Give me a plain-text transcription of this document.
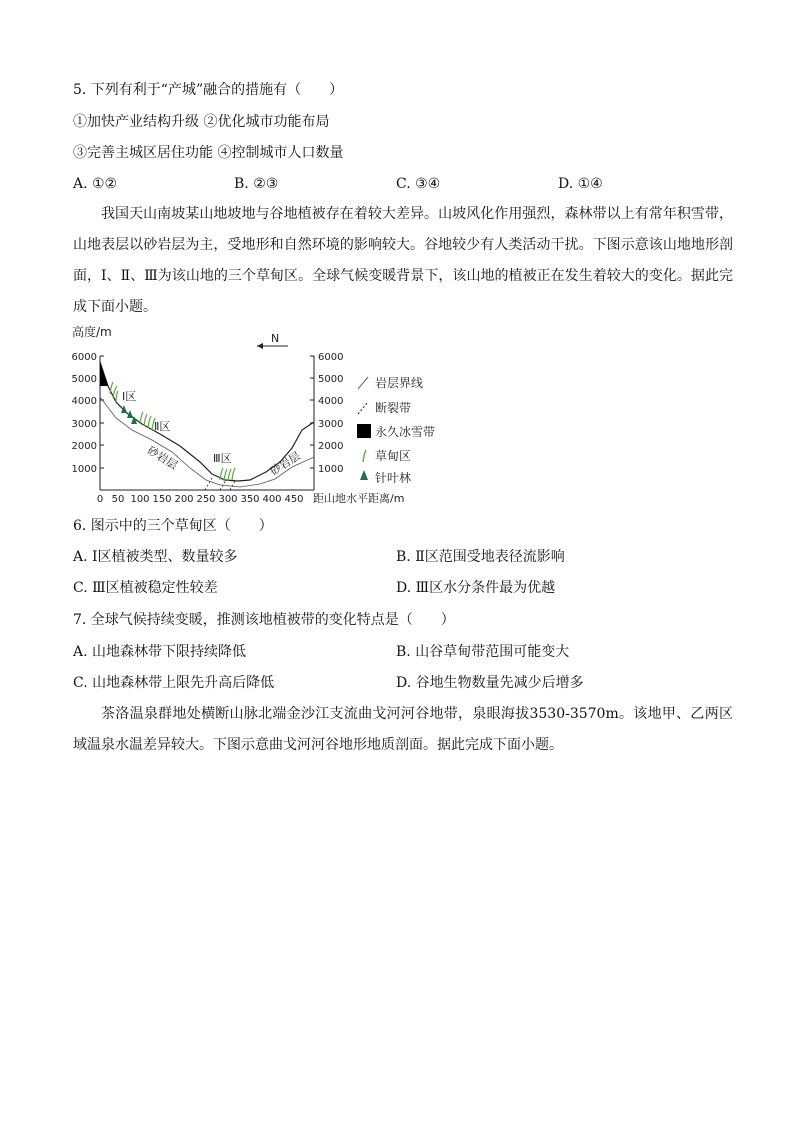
5. 下列有利于“产城”融合的措施有（　　）
①加快产业结构升级 ②优化城市功能布局
③完善主城区居住功能 ④控制城市人口数量
A. ①②	B. ②③	C. ③④	D. ①④
我国天山南坡某山地坡地与谷地植被存在着较大差异。山坡风化作用强烈，森林带以上有常年积雪带，山地表层以砂岩层为主，受地形和自然环境的影响较大。谷地较少有人类活动干扰。下图示意该山地地形剖面，Ⅰ、Ⅱ、Ⅲ为该山地的三个草甸区。全球气候变暖背景下，该山地的植被正在发生着较大的变化。据此完成下面小题。
高度/m	N
6000
5000
4000
3000
2000
1000
6000
5000
4000
3000
2000
1000
0 50 100 150 200 250 300 350 400 450 距山地水平距离/m
Ⅰ区
Ⅱ区
Ⅲ区
砂岩层	砂岩层
岩层界线
断裂带
永久冰雪带
草甸区
针叶林
6. 图示中的三个草甸区（　　）
A. Ⅰ区植被类型、数量较多	B. Ⅱ区范围受地表径流影响
C. Ⅲ区植被稳定性较差	D. Ⅲ区水分条件最为优越
7. 全球气候持续变暖，推测该地植被带的变化特点是（　　）
A. 山地森林带下限持续降低	B. 山谷草甸带范围可能变大
C. 山地森林带上限先升高后降低	D. 谷地生物数量先减少后增多
茶洛温泉群地处横断山脉北端金沙江支流曲戈河河谷地带，泉眼海拔3530-3570m。该地甲、乙两区域温泉水温差异较大。下图示意曲戈河河谷地形地质剖面。据此完成下面小题。
